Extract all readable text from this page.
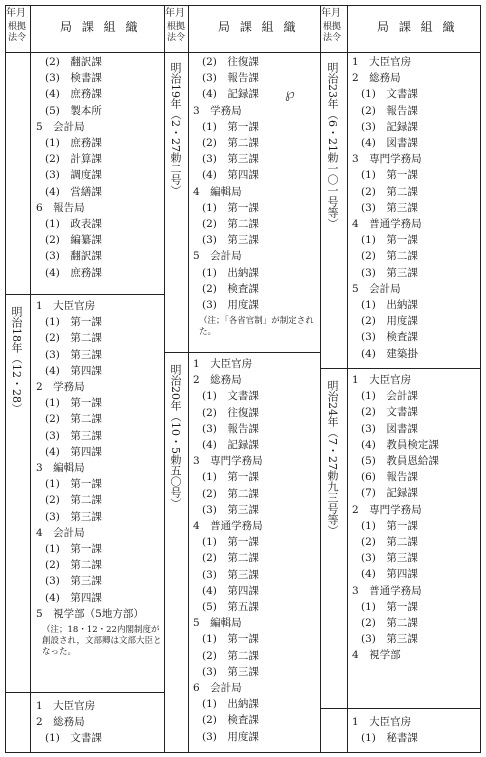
年月
根拠法令
局 課 組 織
年月
根拠法令
局 課 組 織
年月
根拠法令
局 課 組 織
明治18年（12・28）
明治19年（2・27勅二号）
明治20年（10・5勅五〇号）
明治23年（6・21勅一〇一号等）
明治24年（7・27勅九三号等）
(2)　翻訳課
(3)　検書課
(4)　庶務課
(5)　製本所
5　会計局
(1)　庶務課
(2)　計算課
(3)　調度課
(4)　営繕課
6　報告局
(1)　政表課
(2)　編纂課
(3)　翻訳課
(4)　庶務課
1　大臣官房
(1)　第一課
(2)　第二課
(3)　第三課
(4)　第四課
2　学務局
(1)　第一課
(2)　第二課
(3)　第三課
(4)　第四課
3　編輯局
(1)　第一課
(2)　第二課
(3)　第三課
4　会計局
(1)　第一課
(2)　第二課
(3)　第三課
(4)　第四課
5　視学部（5地方部）
（注；18・12・22内閣制度が創設され，文部卿は文部大臣となった。
1　大臣官房
2　総務局
(1)　文書課
(2)　往復課
(3)　報告課
(4)　記録課
3　学務局
(1)　第一課
(2)　第二課
(3)　第三課
(4)　第四課
4　編輯局
(1)　第一課
(2)　第二課
(3)　第三課
5　会計局
(1)　出納課
(2)　検査課
(3)　用度課
（注；「各省官制」が制定された。
1　大臣官房
2　総務局
(1)　文書課
(2)　往復課
(3)　報告課
(4)　記録課
3　専門学務局
(1)　第一課
(2)　第二課
(3)　第三課
4　普通学務局
(1)　第一課
(2)　第二課
(3)　第三課
(4)　第四課
(5)　第五課
5　編輯局
(1)　第一課
(2)　第二課
(3)　第三課
6　会計局
(1)　出納課
(2)　検査課
(3)　用度課
1　大臣官房
2　総務局
(1)　文書課
(2)　報告課
(3)　記録課
(4)　図書課
3　専門学務局
(1)　第一課
(2)　第二課
(3)　第三課
4　普通学務局
(1)　第一課
(2)　第二課
(3)　第三課
5　会計局
(1)　出納課
(2)　用度課
(3)　検査課
(4)　建築掛
1　大臣官房
(1)　会計課
(2)　文書課
(3)　図書課
(4)　教員検定課
(5)　教員恩給課
(6)　報告課
(7)　記録課
2　専門学務局
(1)　第一課
(2)　第二課
(3)　第三課
(4)　第四課
3　普通学務局
(1)　第一課
(2)　第二課
(3)　第三課
4　視学部
1　大臣官房
(1)　秘書課
℘
